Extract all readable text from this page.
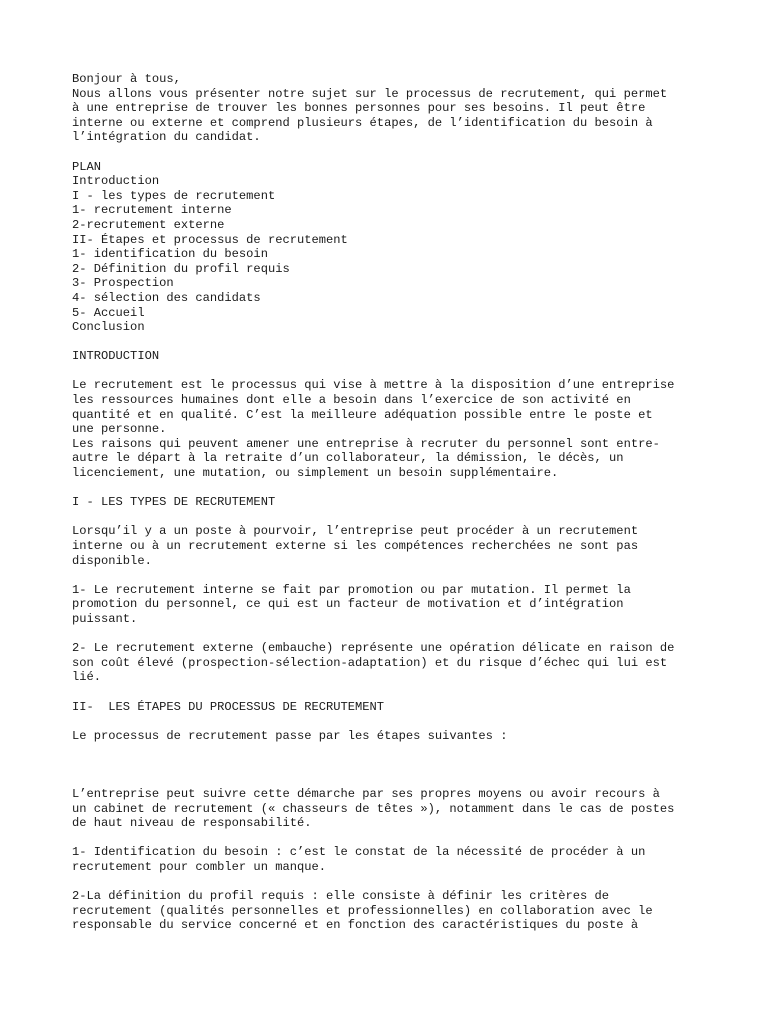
Bonjour à tous,
Nous allons vous présenter notre sujet sur le processus de recrutement, qui permet
à une entreprise de trouver les bonnes personnes pour ses besoins. Il peut être
interne ou externe et comprend plusieurs étapes, de l’identification du besoin à
l’intégration du candidat.
PLAN
Introduction
I - les types de recrutement
1- recrutement interne
2-recrutement externe
II- Étapes et processus de recrutement
1- identification du besoin
2- Définition du profil requis
3- Prospection
4- sélection des candidats
5- Accueil
Conclusion
INTRODUCTION
Le recrutement est le processus qui vise à mettre à la disposition d’une entreprise
les ressources humaines dont elle a besoin dans l’exercice de son activité en
quantité et en qualité. C’est la meilleure adéquation possible entre le poste et
une personne.
Les raisons qui peuvent amener une entreprise à recruter du personnel sont entre-
autre le départ à la retraite d’un collaborateur, la démission, le décès, un
licenciement, une mutation, ou simplement un besoin supplémentaire.
I - LES TYPES DE RECRUTEMENT
Lorsqu’il y a un poste à pourvoir, l’entreprise peut procéder à un recrutement
interne ou à un recrutement externe si les compétences recherchées ne sont pas
disponible.
1- Le recrutement interne se fait par promotion ou par mutation. Il permet la
promotion du personnel, ce qui est un facteur de motivation et d’intégration
puissant.
2- Le recrutement externe (embauche) représente une opération délicate en raison de
son coût élevé (prospection-sélection-adaptation) et du risque d’échec qui lui est
lié.
II-  LES ÉTAPES DU PROCESSUS DE RECRUTEMENT
Le processus de recrutement passe par les étapes suivantes :
L’entreprise peut suivre cette démarche par ses propres moyens ou avoir recours à
un cabinet de recrutement (« chasseurs de têtes »), notamment dans le cas de postes
de haut niveau de responsabilité.
1- Identification du besoin : c’est le constat de la nécessité de procéder à un
recrutement pour combler un manque.
2-La définition du profil requis : elle consiste à définir les critères de
recrutement (qualités personnelles et professionnelles) en collaboration avec le
responsable du service concerné et en fonction des caractéristiques du poste à
